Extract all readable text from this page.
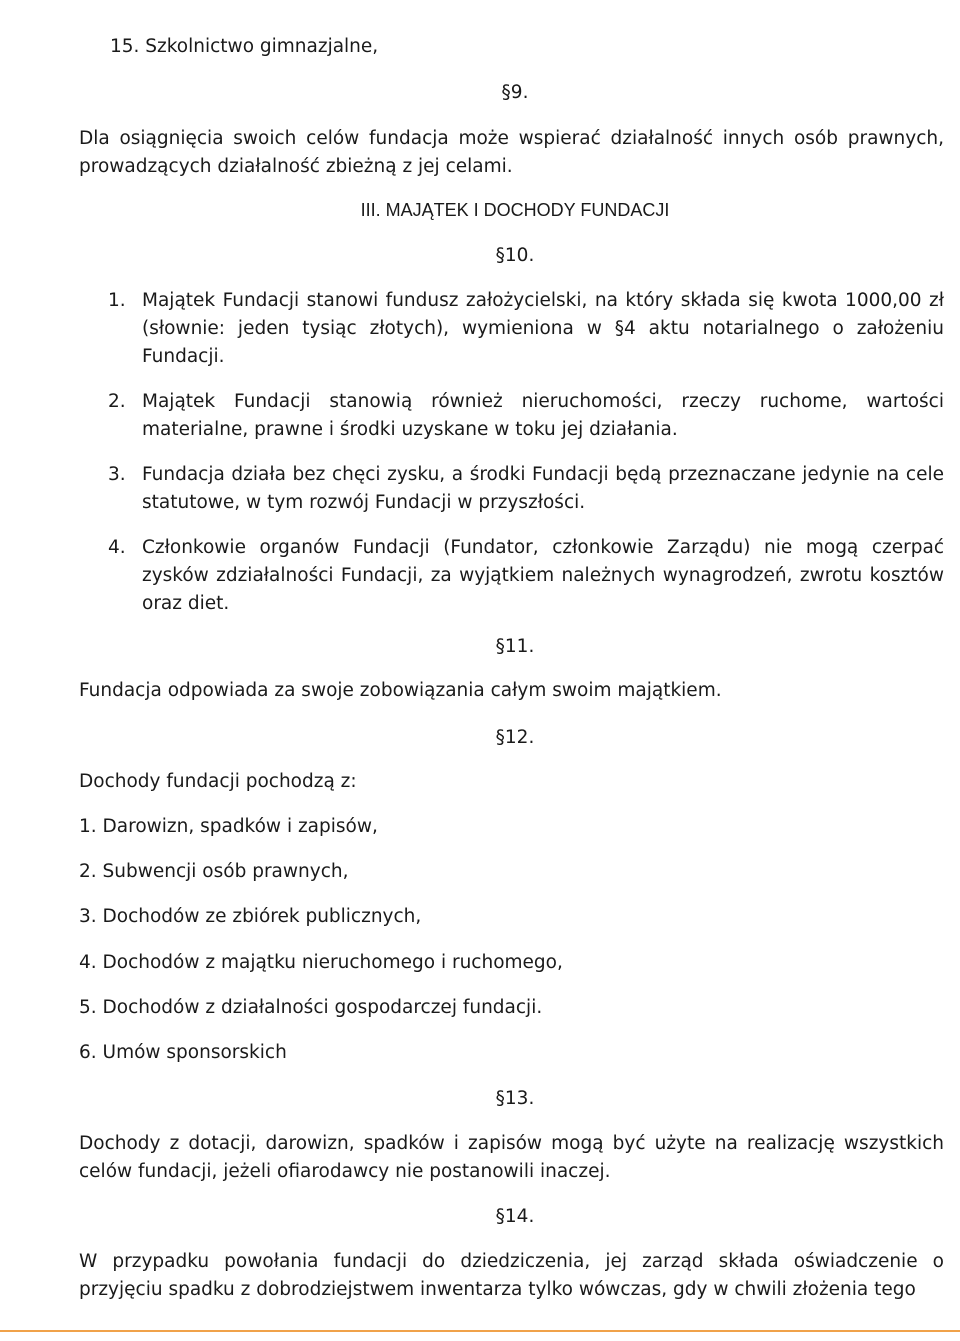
15. Szkolnictwo gimnazjalne,
§9.
Dla osiągnięcia swoich celów fundacja może wspierać działalność innych osób prawnych, prowadzących działalność zbieżną z jej celami.
III. MAJĄTEK I DOCHODY FUNDACJI
§10.
1. Majątek Fundacji stanowi fundusz założycielski, na który składa się kwota 1000,00 zł (słownie: jeden tysiąc złotych), wymieniona w §4 aktu notarialnego o założeniu Fundacji.
2. Majątek Fundacji stanowią również nieruchomości, rzeczy ruchome, wartości materialne, prawne i środki uzyskane w toku jej działania.
3. Fundacja działa bez chęci zysku, a środki Fundacji będą przeznaczane jedynie na cele statutowe, w tym rozwój Fundacji w przyszłości.
4. Członkowie organów Fundacji (Fundator, członkowie Zarządu) nie mogą czerpać zysków zdziałalności Fundacji, za wyjątkiem należnych wynagrodzeń, zwrotu kosztów oraz diet.
§11.
Fundacja odpowiada za swoje zobowiązania całym swoim majątkiem.
§12.
Dochody fundacji pochodzą z:
1. Darowizn, spadków i zapisów,
2. Subwencji osób prawnych,
3. Dochodów ze zbiórek publicznych,
4. Dochodów z majątku nieruchomego i ruchomego,
5. Dochodów z działalności gospodarczej fundacji.
6. Umów sponsorskich
§13.
Dochody z dotacji, darowizn, spadków i zapisów mogą być użyte na realizację wszystkich celów fundacji, jeżeli ofiarodawcy nie postanowili inaczej.
§14.
W przypadku powołania fundacji do dziedziczenia, jej zarząd składa oświadczenie o
przyjęciu spadku z dobrodziejstwem inwentarza tylko wówczas, gdy w chwili złożenia tego
